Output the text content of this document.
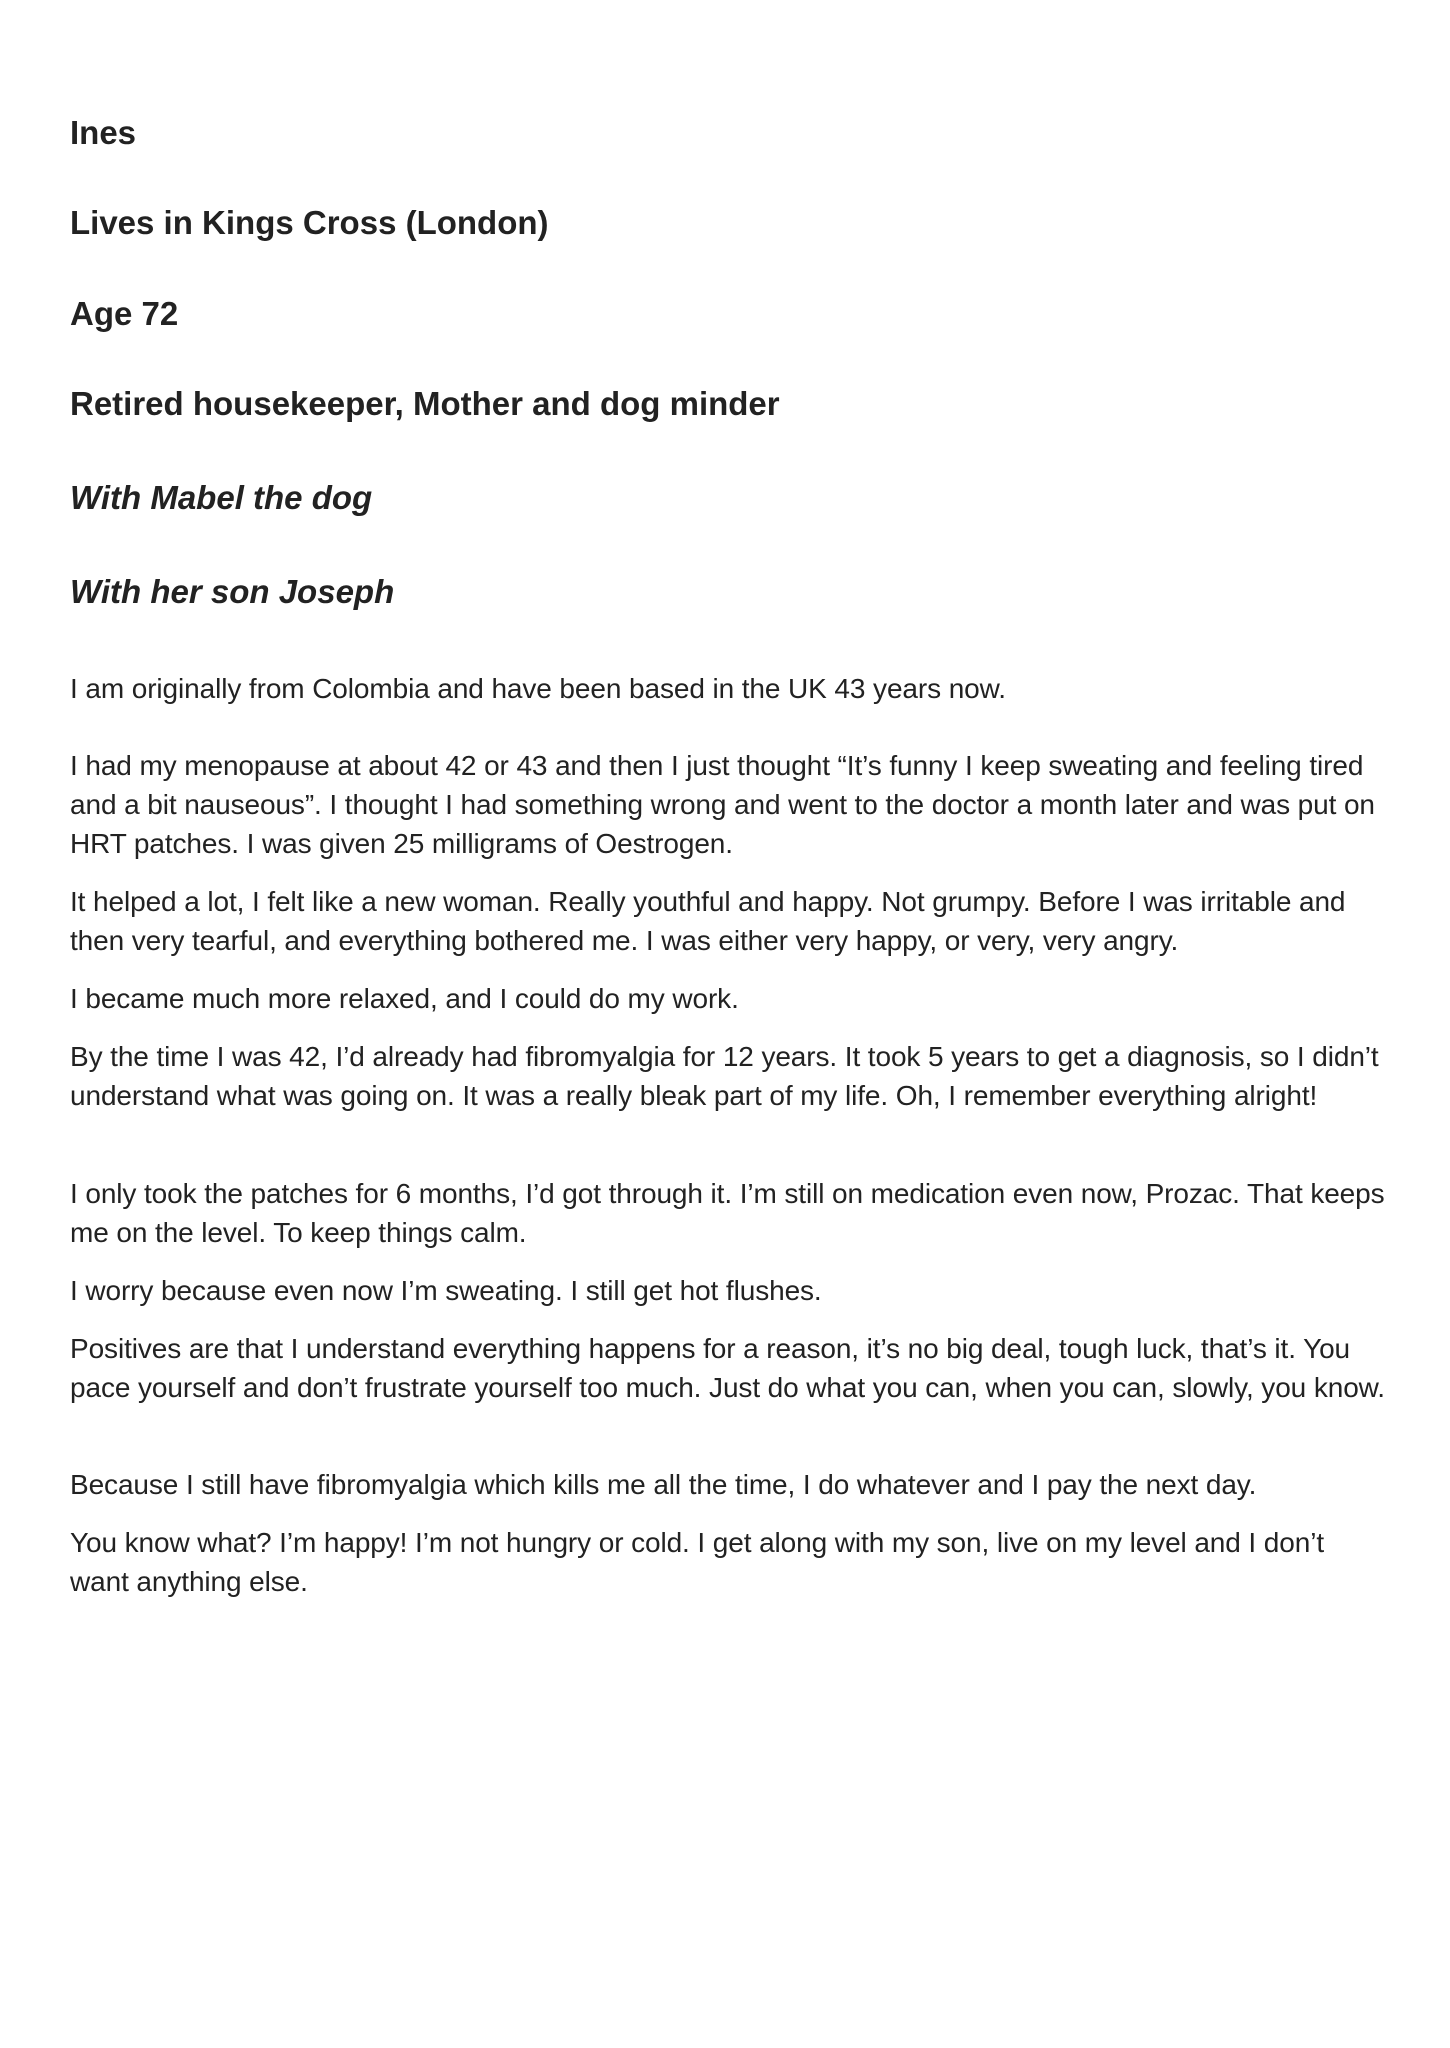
Ines
Lives in Kings Cross (London)
Age 72
Retired housekeeper, Mother and dog minder
With Mabel the dog
With her son Joseph

I am originally from Colombia and have been based in the UK 43 years now.

I had my menopause at about 42 or 43 and then I just thought “It’s funny I keep sweating and feeling tired and a bit nauseous”. I thought I had something wrong and went to the doctor a month later and was put on HRT patches. I was given 25 milligrams of Oestrogen.

It helped a lot, I felt like a new woman. Really youthful and happy. Not grumpy. Before I was irritable and then very tearful, and everything bothered me. I was either very happy, or very, very angry.

I became much more relaxed, and I could do my work.

By the time I was 42, I’d already had fibromyalgia for 12 years. It took 5 years to get a diagnosis, so I didn’t understand what was going on. It was a really bleak part of my life. Oh, I remember everything alright!

I only took the patches for 6 months, I’d got through it. I’m still on medication even now, Prozac. That keeps me on the level. To keep things calm.

I worry because even now I’m sweating. I still get hot flushes.

Positives are that I understand everything happens for a reason, it’s no big deal, tough luck, that’s it. You pace yourself and don’t frustrate yourself too much. Just do what you can, when you can, slowly, you know.

Because I still have fibromyalgia which kills me all the time, I do whatever and I pay the next day.

You know what? I’m happy! I’m not hungry or cold. I get along with my son, live on my level and I don’t want anything else.
